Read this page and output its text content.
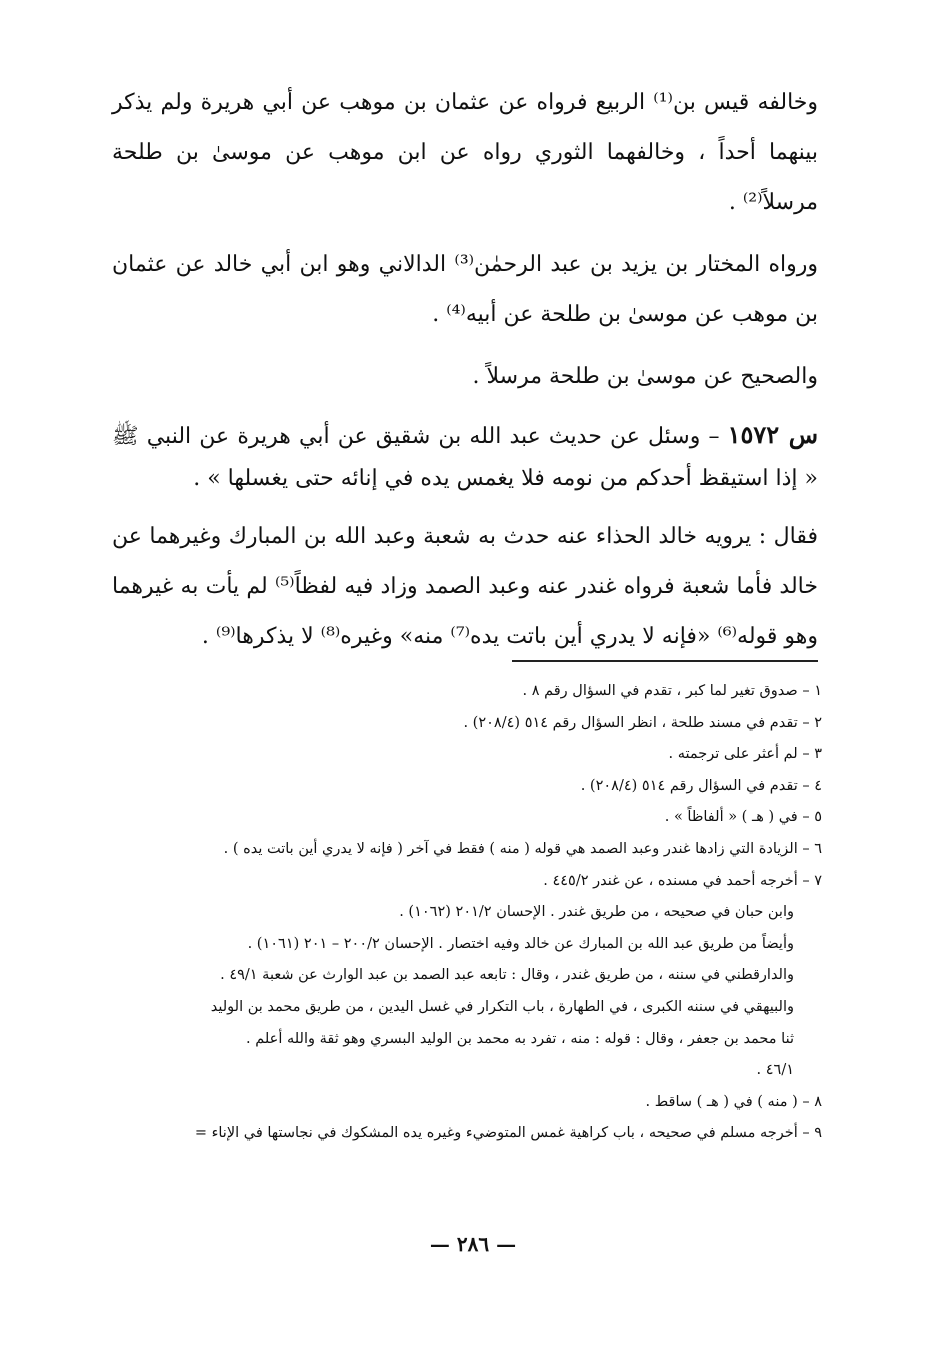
وخالفه قيس بن⁽¹⁾ الربيع فرواه عن عثمان بن موهب عن أبي هريرة ولم يذكر بينهما أحداً ، وخالفهما الثوري رواه عن ابن موهب عن موسىٰ بن طلحة مرسلاً⁽²⁾ .

ورواه المختار بن يزيد بن عبد الرحمٰن⁽³⁾ الدالاني وهو ابن أبي خالد عن عثمان بن موهب عن موسىٰ بن طلحة عن أبيه⁽⁴⁾ .

والصحيح عن موسىٰ بن طلحة مرسلاً .

س ١٥٧٢ – وسئل عن حديث عبد الله بن شقيق عن أبي هريرة عن النبي ﷺ « إذا استيقظ أحدكم من نومه فلا يغمس يده في إنائه حتى يغسلها » .

فقال : يرويه خالد الحذاء عنه حدث به شعبة وعبد الله بن المبارك وغيرهما عن خالد فأما شعبة فرواه غندر عنه وعبد الصمد وزاد فيه لفظاً⁽⁵⁾ لم يأت به غيرهما وهو قوله⁽⁶⁾ «فإنه لا يدري أين باتت يده⁽⁷⁾ منه» وغيره⁽⁸⁾ لا يذكرها⁽⁹⁾ .

١ – صدوق تغير لما كبر ، تقدم في السؤال رقم ٨ .

٢ – تقدم في مسند طلحة ، انظر السؤال رقم ٥١٤ (٢٠٨/٤) .

٣ – لم أعثر على ترجمته .

٤ – تقدم في السؤال رقم ٥١٤ (٢٠٨/٤) .

٥ – في ( هـ ) « ألفاظاً » .

٦ – الزيادة التي زادها غندر وعبد الصمد هي قوله ( منه ) فقط في آخر ( فإنه لا يدري أين باتت يده ) .

٧ – أخرجه أحمد في مسنده ، عن غندر ٤٤٥/٢ .

وابن حبان في صحيحه ، من طريق غندر . الإحسان ٢٠١/٢ (١٠٦٢) .

وأيضاً من طريق عبد الله بن المبارك عن خالد وفيه اختصار . الإحسان ٢٠٠/٢ – ٢٠١ (١٠٦١) .

والدارقطني في سننه ، من طريق غندر ، وقال : تابعه عبد الصمد بن عبد الوارث عن شعبة ٤٩/١ .

والبيهقي في سننه الكبرى ، في الطهارة ، باب التكرار في غسل اليدين ، من طريق محمد بن الوليد

ثنا محمد بن جعفر ، وقال : قوله : منه ، تفرد به محمد بن الوليد البسري وهو ثقة والله أعلم .

٤٦/١ .

٨ – ( منه ) في ( هـ ) ساقط .

٩ – أخرجه مسلم في صحيحه ، باب كراهية غمس المتوضيء وغيره يده المشكوك في نجاستها في الإناء =

— ٢٨٦ —
